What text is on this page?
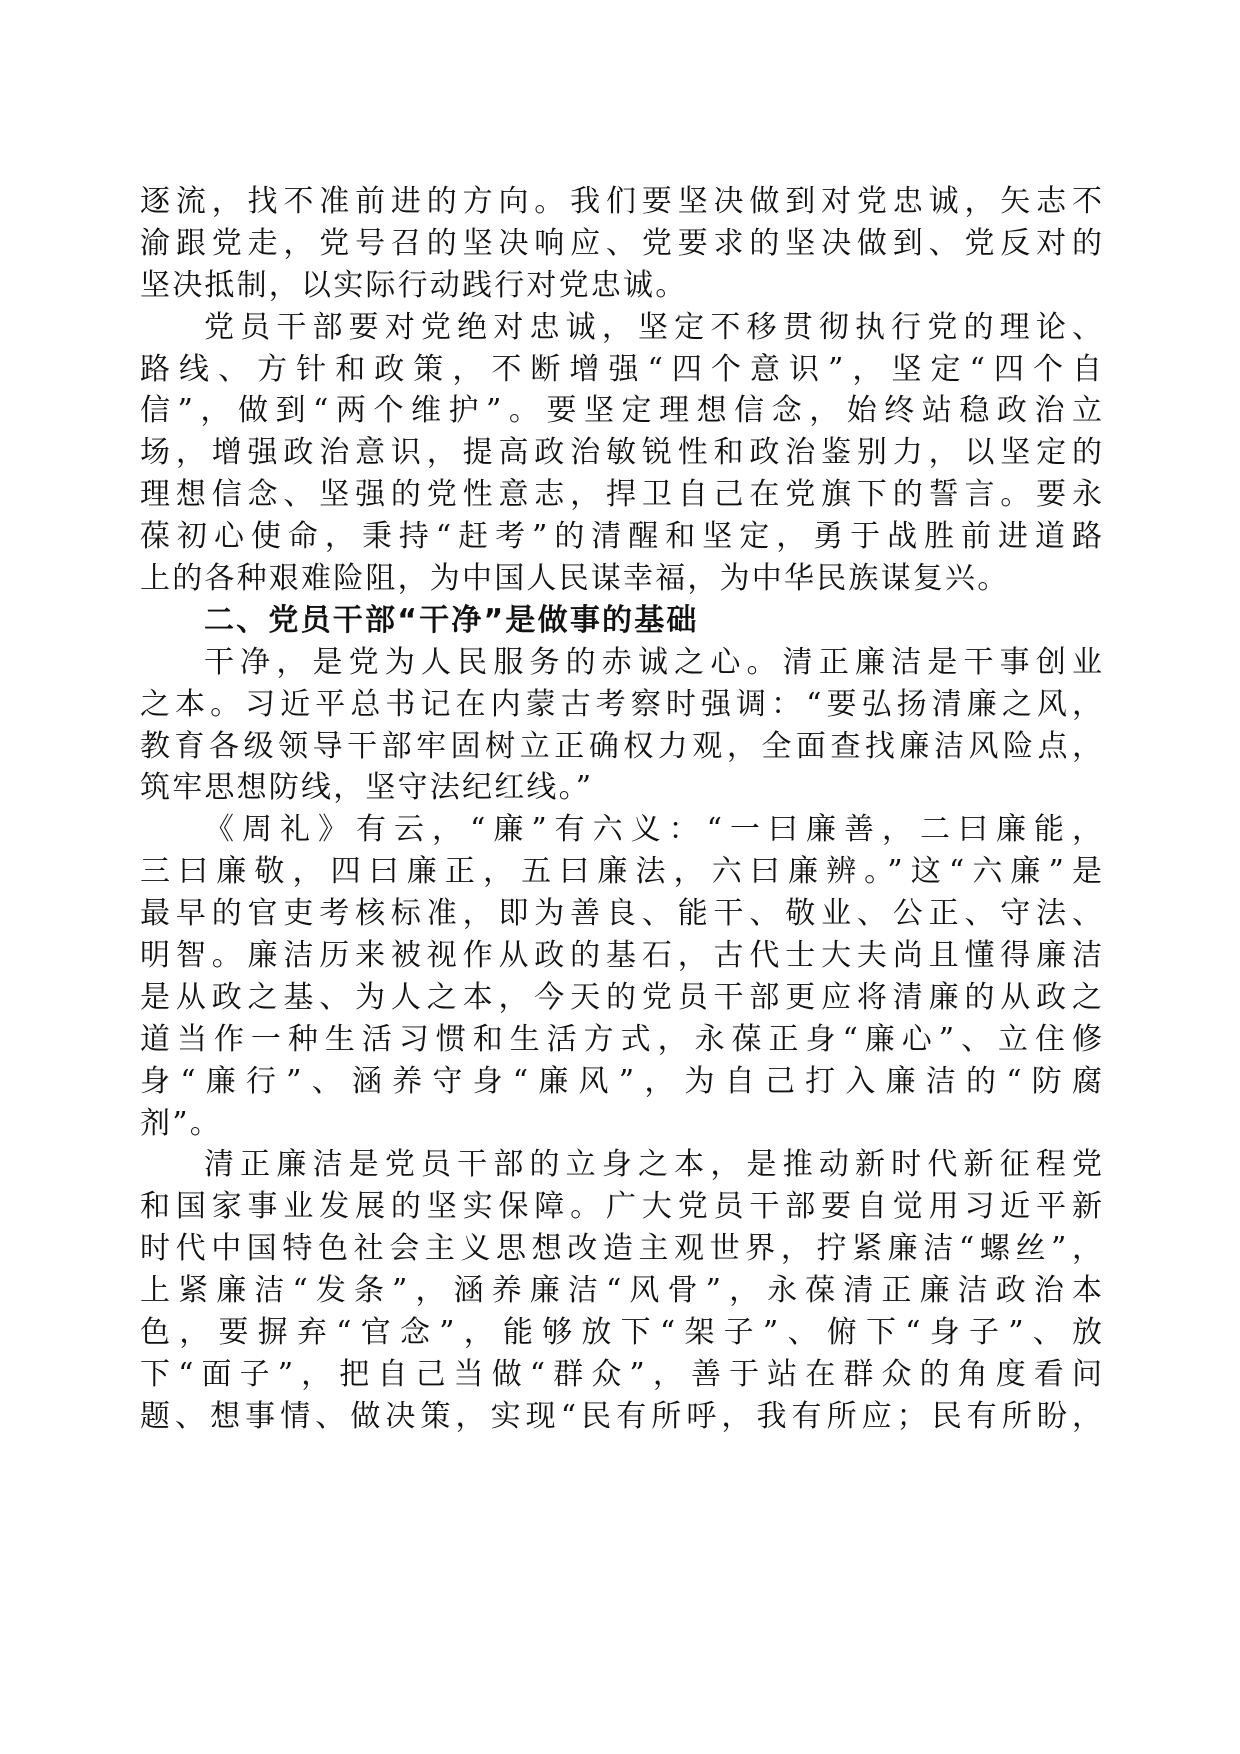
逐流，找不准前进的方向。我们要坚决做到对党忠诚，矢志不
渝跟党走，党号召的坚决响应、党要求的坚决做到、党反对的
坚决抵制，以实际行动践行对党忠诚。
党员干部要对党绝对忠诚，坚定不移贯彻执行党的理论、
路线、方针和政策，不断增强“四个意识”，坚定“四个自
信”，做到“两个维护”。要坚定理想信念，始终站稳政治立
场，增强政治意识，提高政治敏锐性和政治鉴别力，以坚定的
理想信念、坚强的党性意志，捍卫自己在党旗下的誓言。要永
葆初心使命，秉持“赶考”的清醒和坚定，勇于战胜前进道路
上的各种艰难险阻，为中国人民谋幸福，为中华民族谋复兴。
二、党员干部“干净”是做事的基础
干净，是党为人民服务的赤诚之心。清正廉洁是干事创业
之本。习近平总书记在内蒙古考察时强调：“要弘扬清廉之风，
教育各级领导干部牢固树立正确权力观，全面查找廉洁风险点，
筑牢思想防线，坚守法纪红线。”
《周礼》有云，“廉”有六义：“一曰廉善，二曰廉能，
三曰廉敬，四曰廉正，五曰廉法，六曰廉辨。”这“六廉”是
最早的官吏考核标准，即为善良、能干、敬业、公正、守法、
明智。廉洁历来被视作从政的基石，古代士大夫尚且懂得廉洁
是从政之基、为人之本，今天的党员干部更应将清廉的从政之
道当作一种生活习惯和生活方式，永葆正身“廉心”、立住修
身“廉行”、涵养守身“廉风”，为自己打入廉洁的“防腐
剂”。
清正廉洁是党员干部的立身之本，是推动新时代新征程党
和国家事业发展的坚实保障。广大党员干部要自觉用习近平新
时代中国特色社会主义思想改造主观世界，拧紧廉洁“螺丝”，
上紧廉洁“发条”，涵养廉洁“风骨”，永葆清正廉洁政治本
色，要摒弃“官念”，能够放下“架子”、俯下“身子”、放
下“面子”，把自己当做“群众”，善于站在群众的角度看问
题、想事情、做决策，实现“民有所呼，我有所应；民有所盼，
